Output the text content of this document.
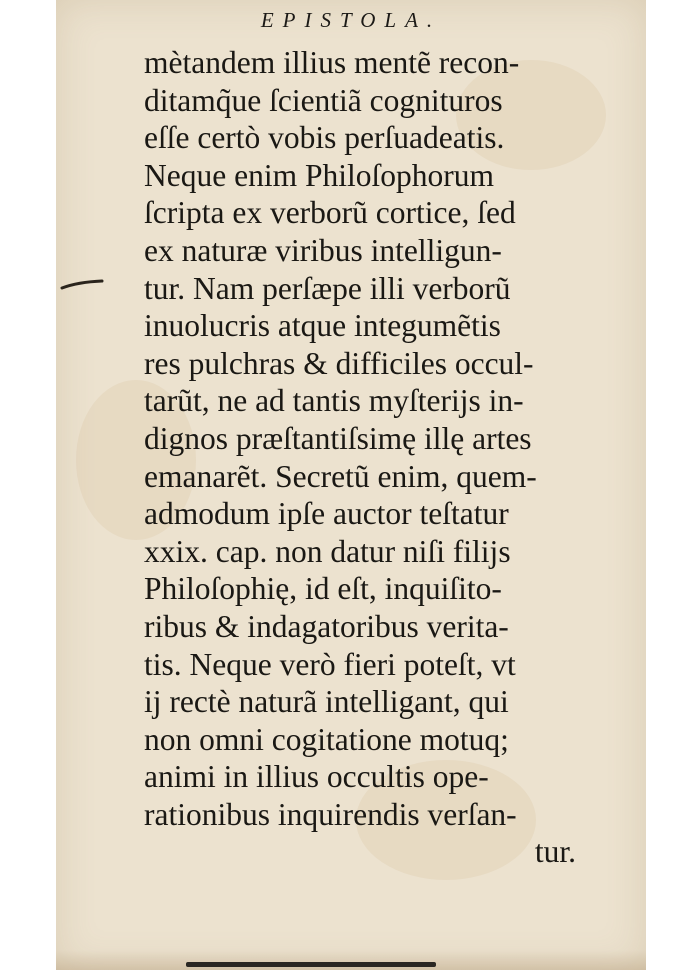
EPISTOLA.
mètandem illius mentẽ recon-
ditamq̃ue ſcientiã cognituros
eſſe certò vobis perſuadeatis.
Neque enim Philoſophorum
ſcripta ex verborũ cortice, ſed
ex naturæ viribus intelligun-
tur. Nam perſæpe illi verborũ
inuolucris atque integumẽtis
res pulchras & difficiles occul-
tarũt, ne ad tantis myſterijs in-
dignos præſtantiſsimę illę artes
emanarẽt. Secretũ enim, quem-
admodum ipſe auctor teſtatur
xxix. cap. non datur niſi filijs
Philoſophię, id eſt, inquiſito-
ribus & indagatoribus verita-
tis. Neque verò fieri poteſt, vt
ij rectè naturã intelligant, qui
non omni cogitatione motuq;
animi in illius occultis ope-
rationibus inquirendis verſan-
tur.
